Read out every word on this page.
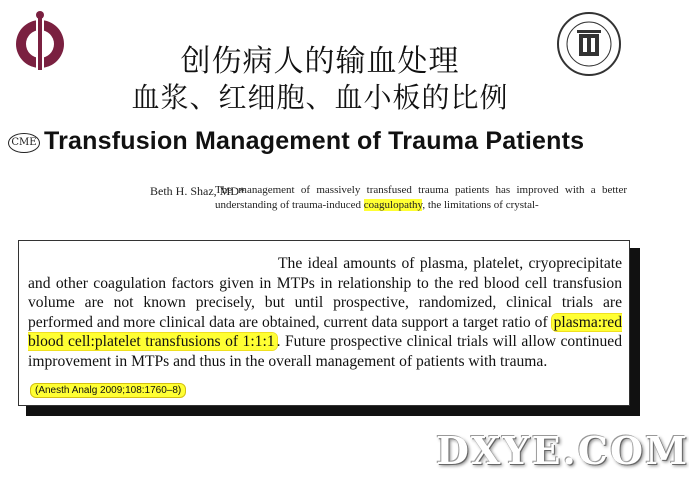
创伤病人的输血处理
血浆、红细胞、血小板的比例
CME Transfusion Management of Trauma Patients
Beth H. Shaz, MD*
The management of massively transfused trauma patients has improved with a better understanding of trauma-induced coagulopathy, the limitations of crystal-
The ideal amounts of plasma, platelet, cryoprecipitate and other coagulation factors given in MTPs in relationship to the red blood cell transfusion volume are not known precisely, but until prospective, randomized, clinical trials are performed and more clinical data are obtained, current data support a target ratio of plasma:red blood cell:platelet transfusions of 1:1:1 . Future prospective clinical trials will allow continued improvement in MTPs and thus in the overall management of patients with trauma.
(Anesth Analg 2009;108:1760–8)
DXYE.COM
